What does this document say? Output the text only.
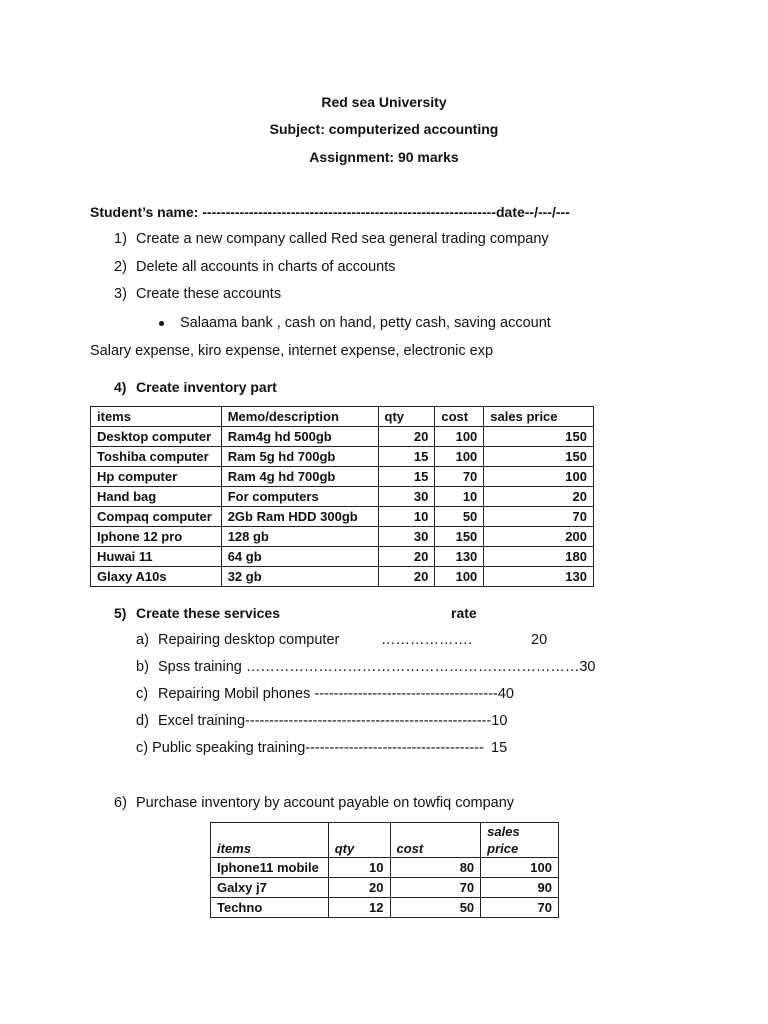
Red sea University
Subject: computerized accounting
Assignment: 90 marks
Student’s name: ---------------------------------------------------------------date--/---/---
1) Create a new company called Red sea general trading company
2) Delete all accounts in charts of accounts
3) Create these accounts
Salaama bank , cash on hand, petty cash, saving account
Salary expense, kiro expense, internet expense, electronic exp
4) Create inventory part
items	Memo/description	qty	cost	sales price
Desktop computer	Ram4g hd 500gb	20	100	150
Toshiba computer	Ram 5g hd 700gb	15	100	150
Hp computer	Ram 4g hd 700gb	15	70	100
Hand bag	For computers	30	10	20
Compaq computer	2Gb Ram HDD 300gb	10	50	70
Iphone 12 pro	128 gb	30	150	200
Huwai 11	64 gb	20	130	180
Glaxy A10s	32 gb	20	100	130
5) Create these services	rate
a) Repairing desktop computer	……………….	20
b) Spss training ……………………………………………………………30
c) Repairing Mobil phones --------------------------------------40
d) Excel training---------------------------------------------------10
c) Public speaking training------------------------------------- 15
6) Purchase inventory by account payable on towfiq company
items	qty	cost	sales price
Iphone11 mobile	10	80	100
Galxy j7	20	70	90
Techno	12	50	70
